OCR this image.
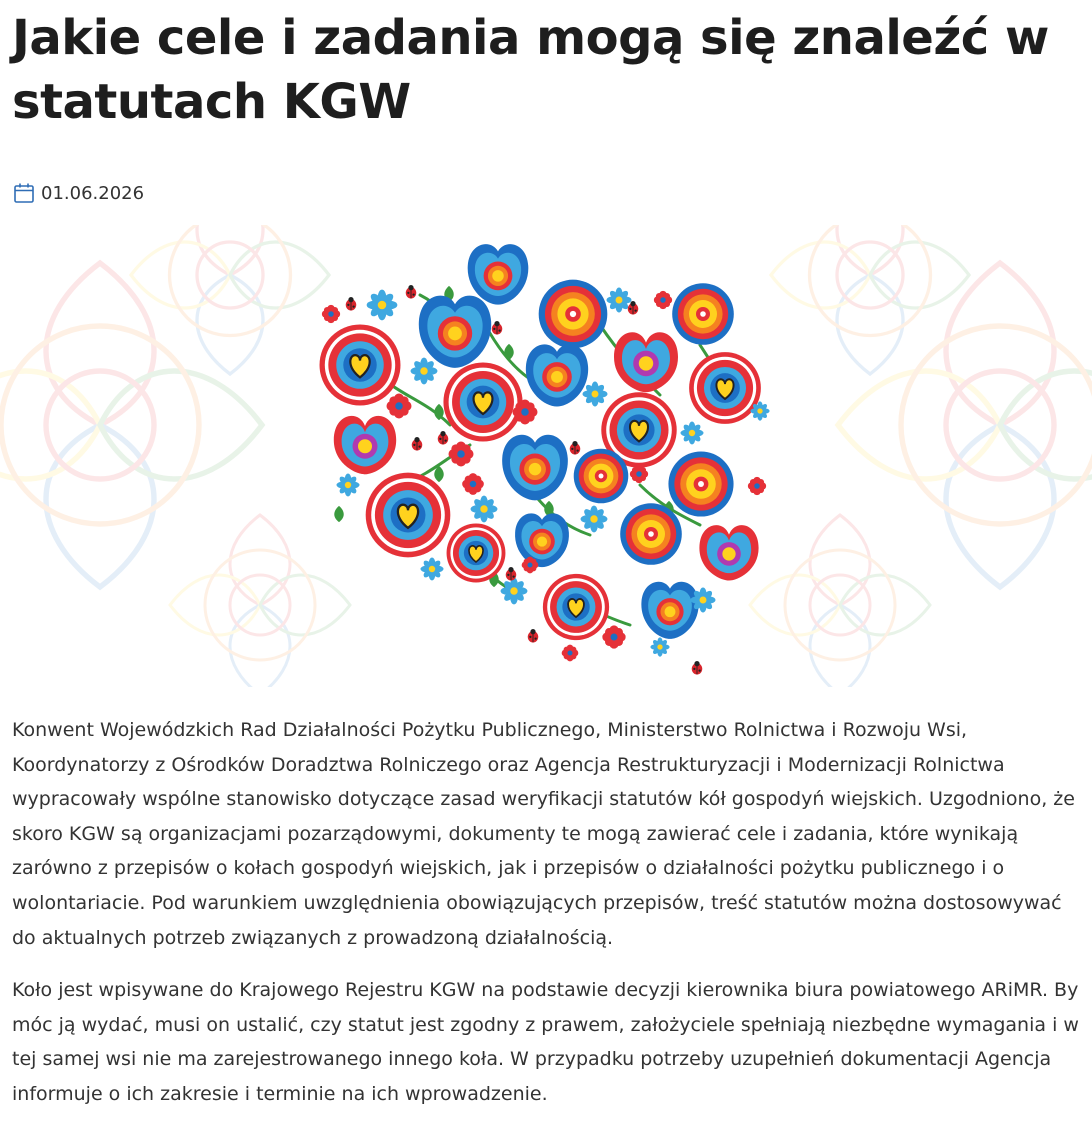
Jakie cele i zadania mogą się znaleźć w statutach KGW
01.06.2026

Konwent Wojewódzkich Rad Działalności Pożytku Publicznego, Ministerstwo Rolnictwa i Rozwoju Wsi, Koordynatorzy z Ośrodków Doradztwa Rolniczego oraz Agencja Restrukturyzacji i Modernizacji Rolnictwa wypracowały wspólne stanowisko dotyczące zasad weryfikacji statutów kół gospodyń wiejskich. Uzgodniono, że skoro KGW są organizacjami pozarządowymi, dokumenty te mogą zawierać cele i zadania, które wynikają zarówno z przepisów o kołach gospodyń wiejskich, jak i przepisów o działalności pożytku publicznego i o wolontariacie. Pod warunkiem uwzględnienia obowiązujących przepisów, treść statutów można dostosowywać do aktualnych potrzeb związanych z prowadzoną działalnością.

Koło jest wpisywane do Krajowego Rejestru KGW na podstawie decyzji kierownika biura powiatowego ARiMR. By móc ją wydać, musi on ustalić, czy statut jest zgodny z prawem, założyciele spełniają niezbędne wymagania i w tej samej wsi nie ma zarejestrowanego innego koła. W przypadku potrzeby uzupełnień dokumentacji Agencja informuje o ich zakresie i terminie na ich wprowadzenie.
